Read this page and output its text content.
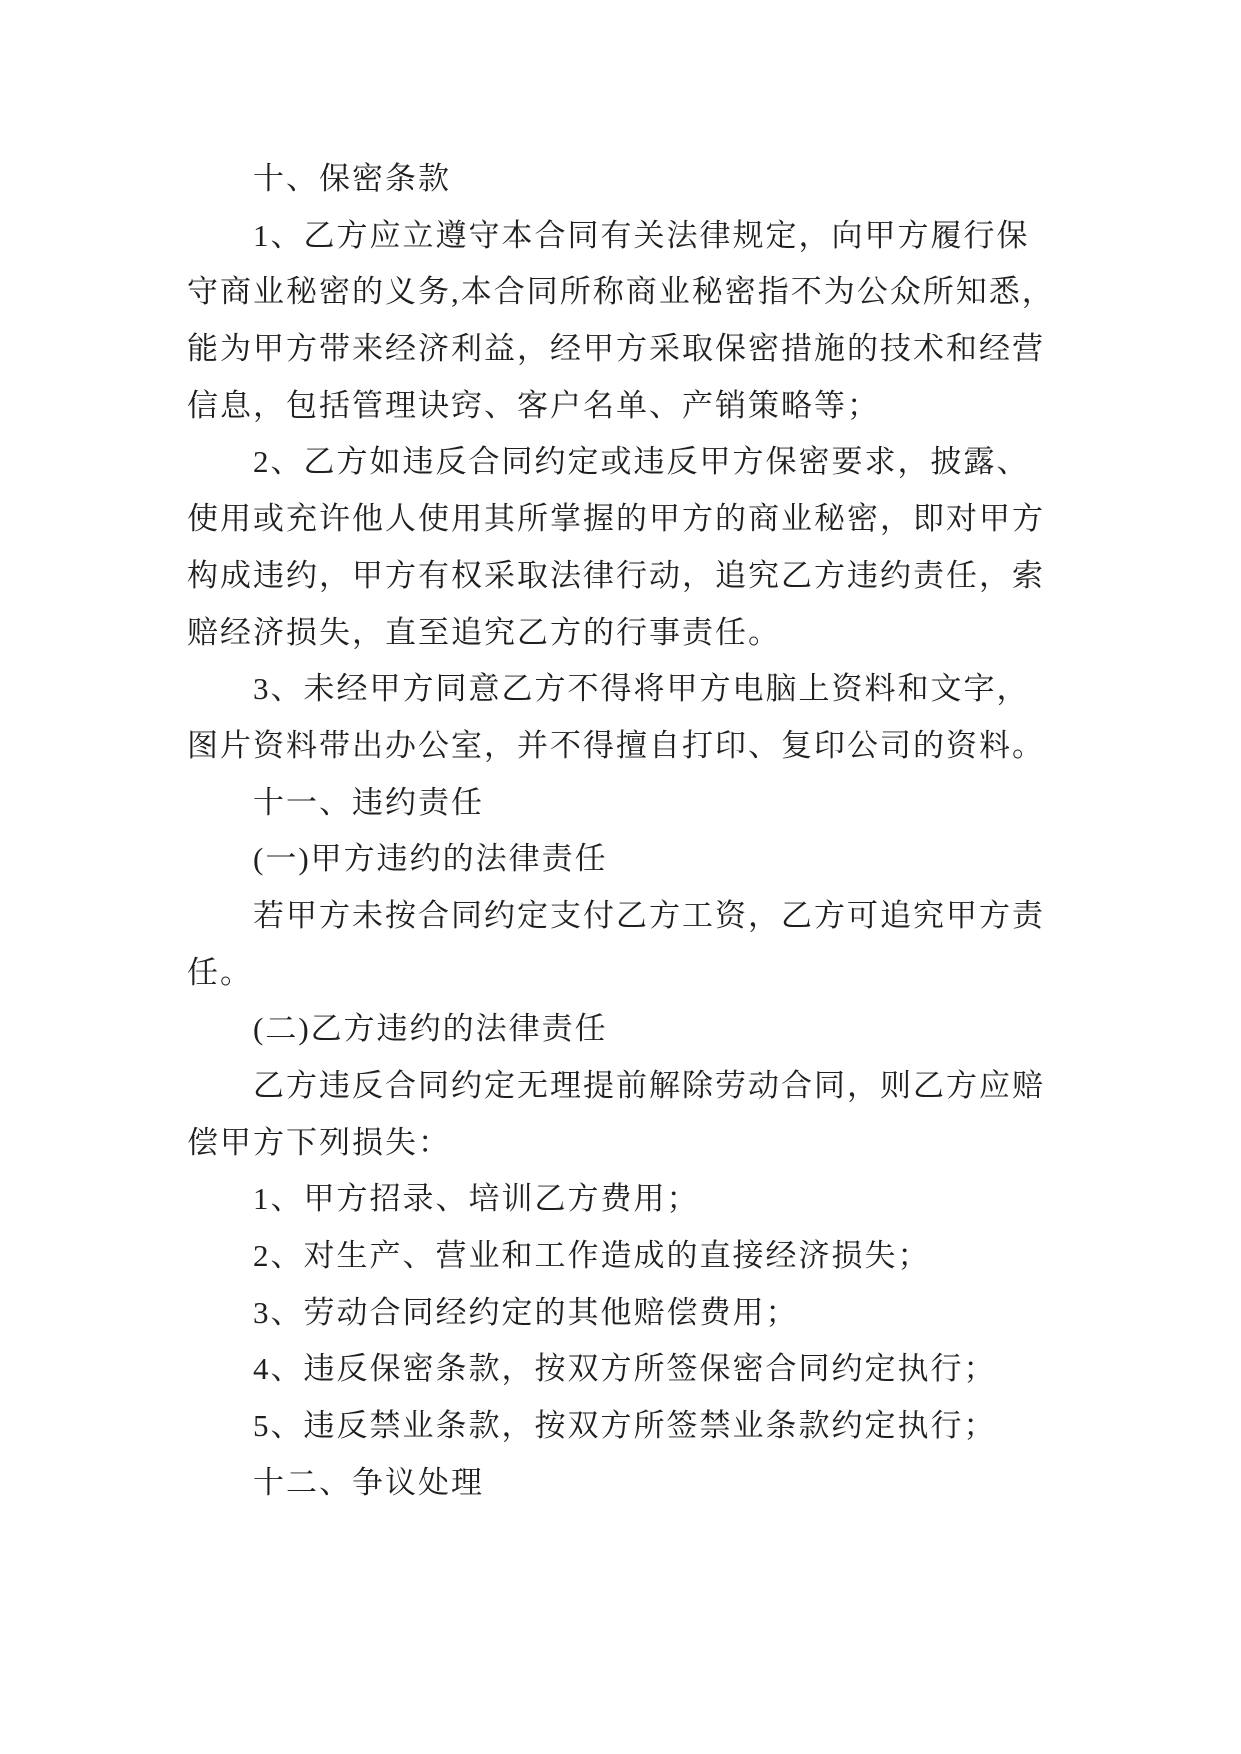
十、保密条款
1、乙方应立遵守本合同有关法律规定，向甲方履行保
守商业秘密的义务,本合同所称商业秘密指不为公众所知悉，
能为甲方带来经济利益，经甲方采取保密措施的技术和经营
信息，包括管理诀窍、客户名单、产销策略等；
2、乙方如违反合同约定或违反甲方保密要求，披露、
使用或充许他人使用其所掌握的甲方的商业秘密，即对甲方
构成违约，甲方有权采取法律行动，追究乙方违约责任，索
赔经济损失，直至追究乙方的行事责任。
3、未经甲方同意乙方不得将甲方电脑上资料和文字，
图片资料带出办公室，并不得擅自打印、复印公司的资料。
十一、违约责任
(一)甲方违约的法律责任
若甲方未按合同约定支付乙方工资，乙方可追究甲方责
任。
(二)乙方违约的法律责任
乙方违反合同约定无理提前解除劳动合同，则乙方应赔
偿甲方下列损失：
1、甲方招录、培训乙方费用；
2、对生产、营业和工作造成的直接经济损失；
3、劳动合同经约定的其他赔偿费用；
4、违反保密条款，按双方所签保密合同约定执行；
5、违反禁业条款，按双方所签禁业条款约定执行；
十二、争议处理
